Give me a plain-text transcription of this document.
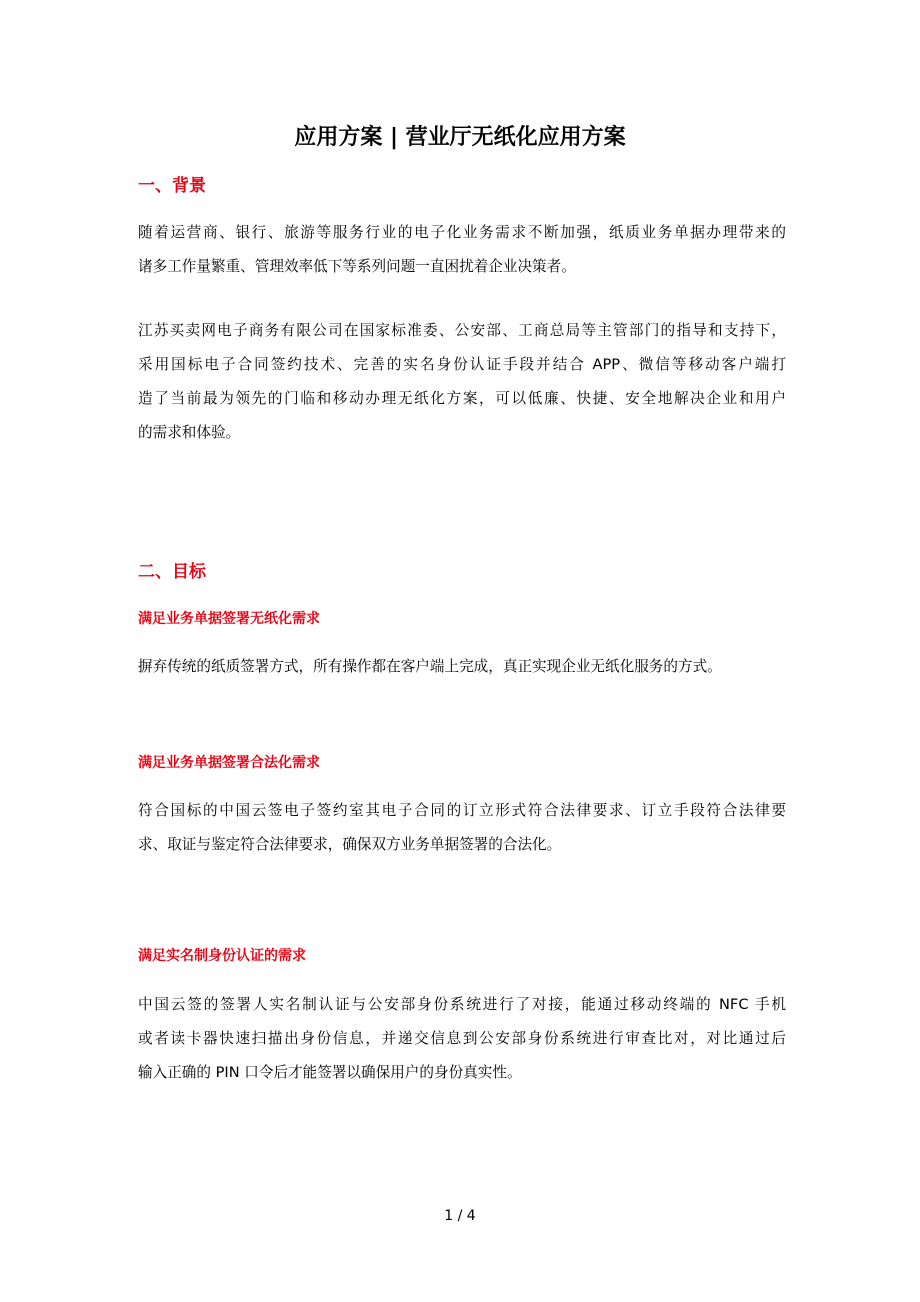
应用方案 | 营业厅无纸化应用方案
一、背景
随着运营商、银行、旅游等服务行业的电子化业务需求不断加强，纸质业务单据办理带来的
诸多工作量繁重、管理效率低下等系列问题一直困扰着企业决策者。
江苏买卖网电子商务有限公司在国家标准委、公安部、工商总局等主管部门的指导和支持下，
采用国标电子合同签约技术、完善的实名身份认证手段并结合 APP、微信等移动客户端打
造了当前最为领先的门临和移动办理无纸化方案，可以低廉、快捷、安全地解决企业和用户
的需求和体验。
二、目标
满足业务单据签署无纸化需求
摒弃传统的纸质签署方式，所有操作都在客户端上完成，真正实现企业无纸化服务的方式。
满足业务单据签署合法化需求
符合国标的中国云签电子签约室其电子合同的订立形式符合法律要求、订立手段符合法律要
求、取证与鉴定符合法律要求，确保双方业务单据签署的合法化。
满足实名制身份认证的需求
中国云签的签署人实名制认证与公安部身份系统进行了对接，能通过移动终端的 NFC 手机
或者读卡器快速扫描出身份信息，并递交信息到公安部身份系统进行审查比对，对比通过后
输入正确的 PIN 口令后才能签署以确保用户的身份真实性。
1 / 4
